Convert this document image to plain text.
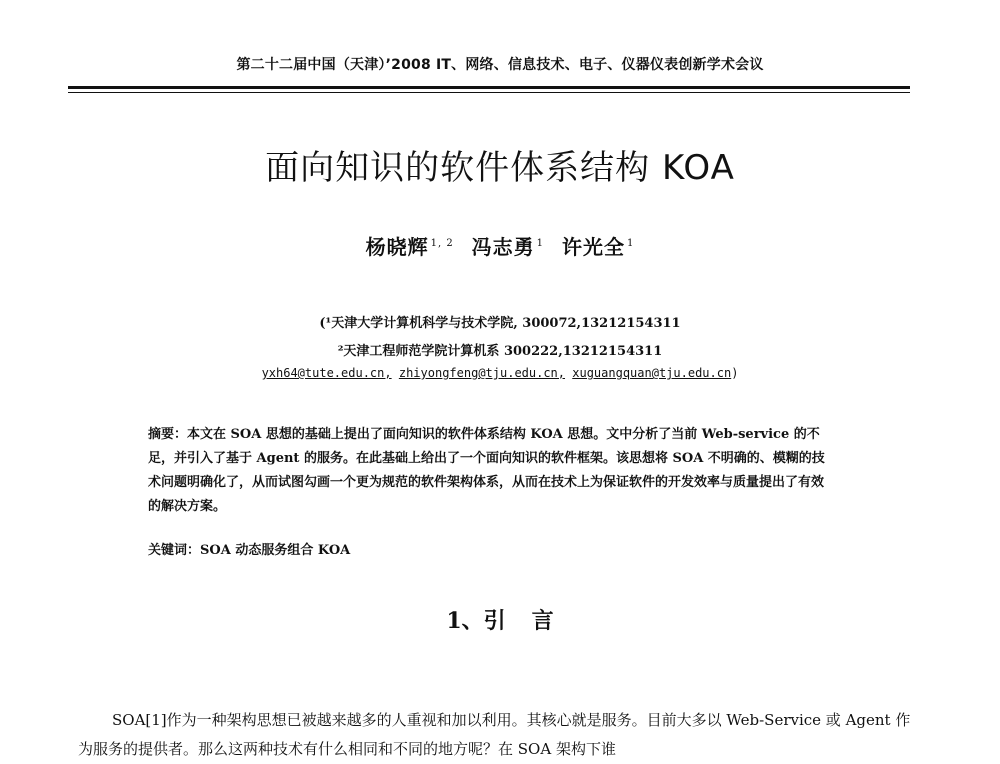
第二十二届中国（天津）’2008 IT、网络、信息技术、电子、仪器仪表创新学术会议
面向知识的软件体系结构 KOA
杨晓辉 $^{1, 2}$ 冯志勇 $^1$ 许光全 $^1$
(¹天津大学计算机科学与技术学院, 300072,13212154311
²天津工程师范学院计算机系 300222,13212154311
yxh64@tute.edu.cn, zhiyongfeng@tju.edu.cn, xuguangquan@tju.edu.cn)

摘要：本文在 SOA 思想的基础上提出了面向知识的软件体系结构 KOA 思想。文中分析了当前 Web-service 的不足，并引入了基于 Agent 的服务。在此基础上给出了一个面向知识的软件框架。该思想将 SOA 不明确的、模糊的技术问题明确化了，从而试图勾画一个更为规范的软件架构体系，从而在技术上为保证软件的开发效率与质量提出了有效的解决方案。

关键词：SOA 动态服务组合 KOA
1、引 言
SOA[1]作为一种架构思想已被越来越多的人重视和加以利用。其核心就是服务。目前大多以 Web-Service 或 Agent 作为服务的提供者。那么这两种技术有什么相同和不同的地方呢？在 SOA 架构下谁
